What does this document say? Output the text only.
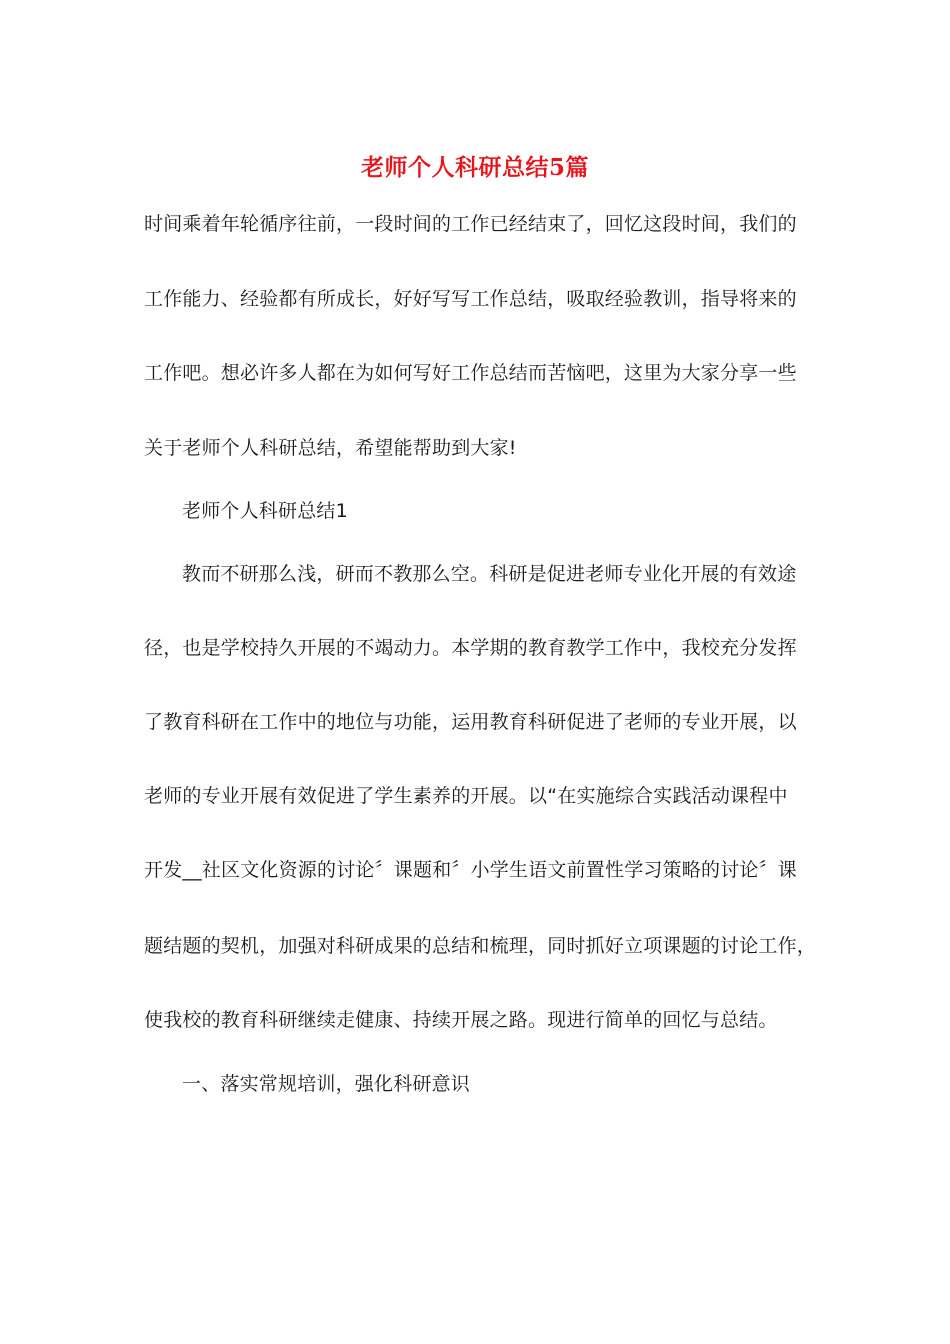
老师个人科研总结5篇
时间乘着年轮循序往前，一段时间的工作已经结束了，回忆这段时间，我们的
工作能力、经验都有所成长，好好写写工作总结，吸取经验教训，指导将来的
工作吧。想必许多人都在为如何写好工作总结而苦恼吧，这里为大家分享一些
关于老师个人科研总结，希望能帮助到大家!
老师个人科研总结1
教而不研那么浅，研而不教那么空。科研是促进老师专业化开展的有效途
径，也是学校持久开展的不竭动力。本学期的教育教学工作中，我校充分发挥
了教育科研在工作中的地位与功能，运用教育科研促进了老师的专业开展，以
老师的专业开展有效促进了学生素养的开展。以“在实施综合实践活动课程中
开发__社区文化资源的讨论〞课题和〞小学生语文前置性学习策略的讨论〞课
题结题的契机，加强对科研成果的总结和梳理，同时抓好立项课题的讨论工作，
使我校的教育科研继续走健康、持续开展之路。现进行简单的回忆与总结。
一、落实常规培训，强化科研意识
